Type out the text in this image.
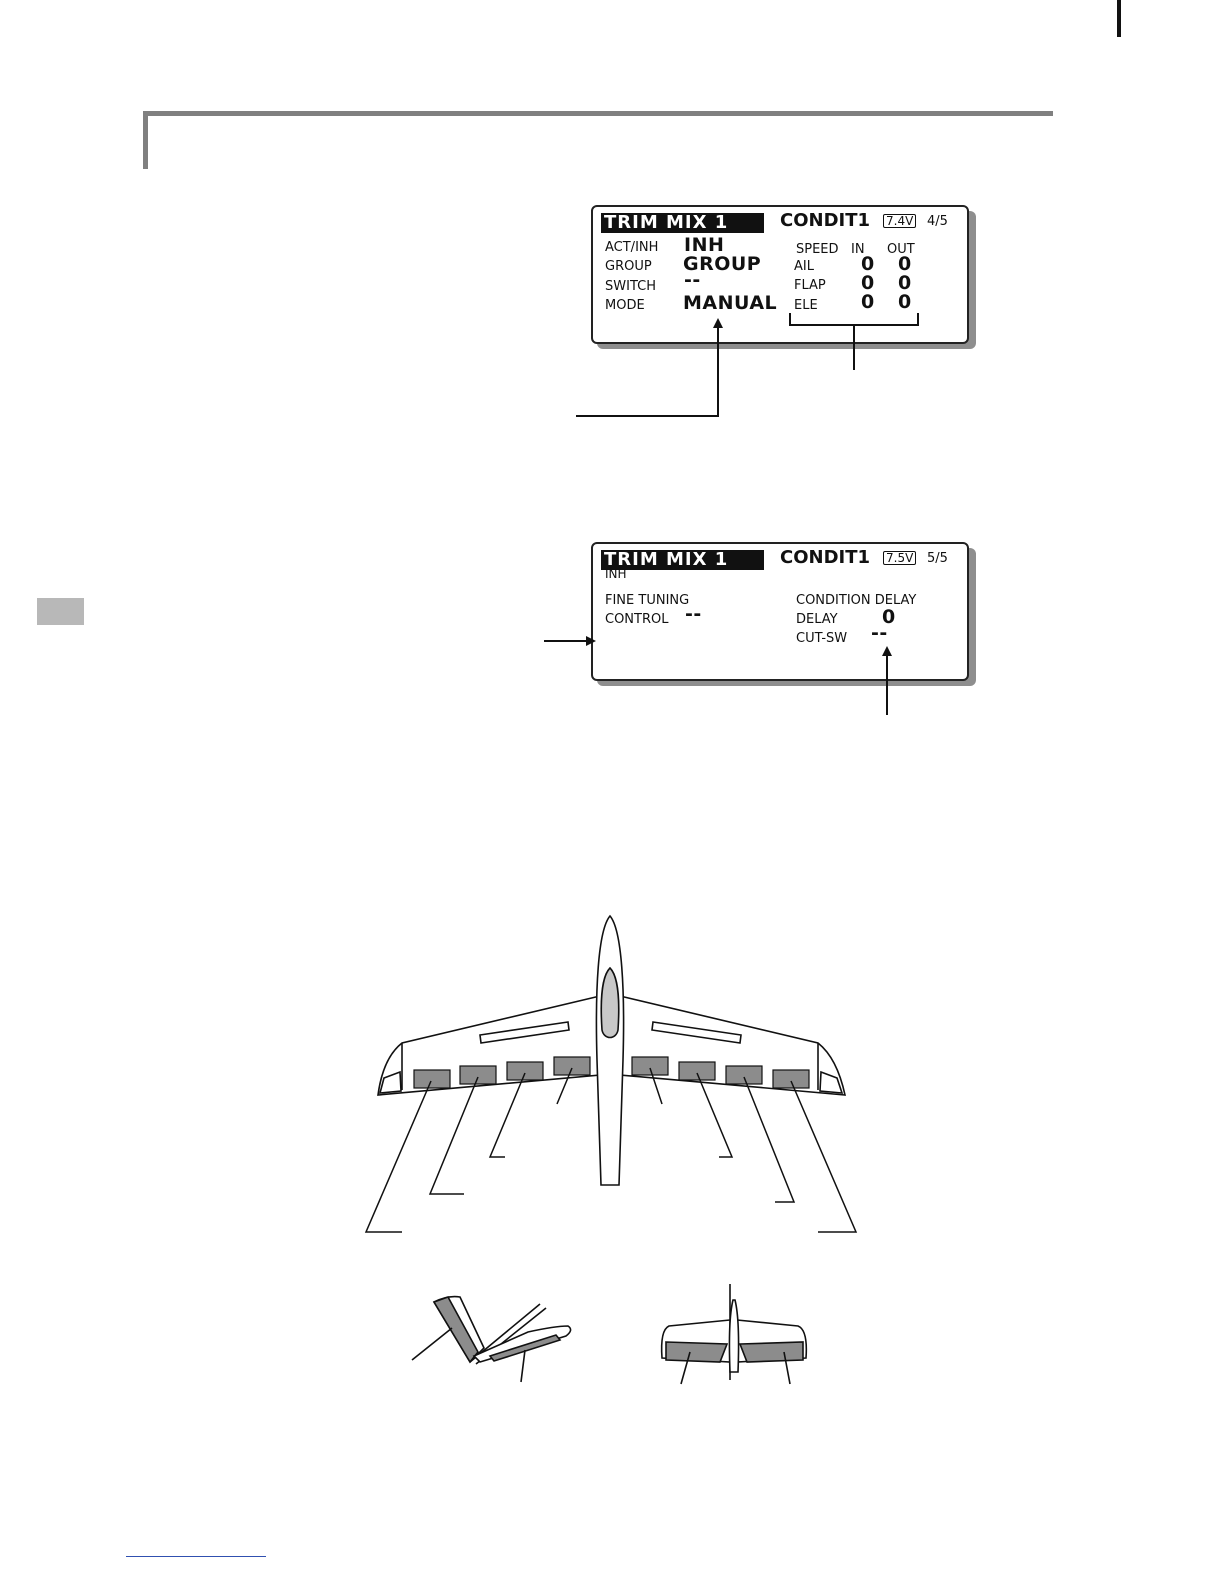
TRIM MIX 1	CONDIT1 7.4V 4/5
ACT/INH INH
GROUP GROUP
SWITCH --
MODE MANUAL
SPEED IN OUT
AIL 0 0
FLAP 0 0
ELE 0 0
TRIM MIX 1	CONDIT1 7.5V 5/5
INH
FINE TUNING
CONTROL --
CONDITION DELAY
DELAY 0
CUT-SW --
